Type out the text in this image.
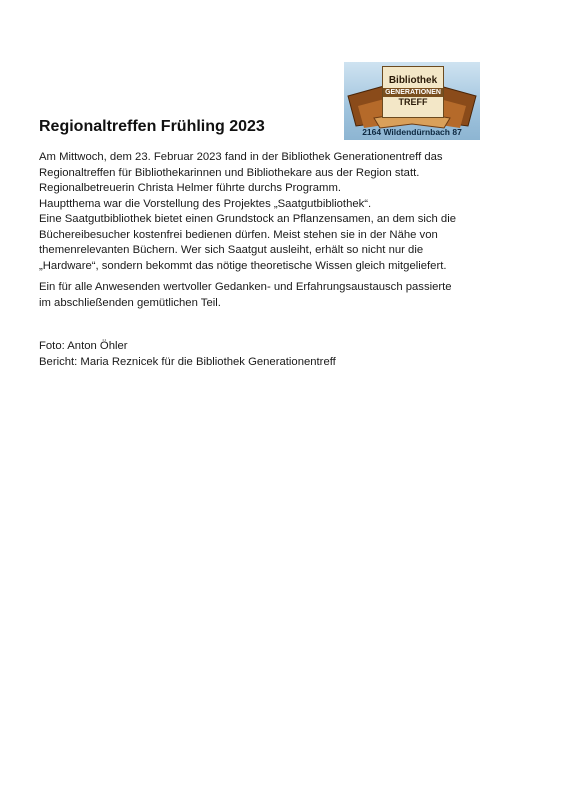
Bibliothek
GENERATIONEN
TREFF
2164 Wildendürnbach 87
Regionaltreffen Frühling 2023

Am Mittwoch, dem 23. Februar 2023 fand in der Bibliothek Generationentreff das

Regionaltreffen für Bibliothekarinnen und Bibliothekare aus der Region statt.

Regionalbetreuerin Christa Helmer führte durchs Programm.

Hauptthema war die Vorstellung des Projektes „Saatgutbibliothek“.

Eine Saatgutbibliothek bietet einen Grundstock an Pflanzensamen, an dem sich die

Büchereibesucher kostenfrei bedienen dürfen. Meist stehen sie in der Nähe von

themenrelevanten Büchern. Wer sich Saatgut ausleiht, erhält so nicht nur die

„Hardware“, sondern bekommt das nötige theoretische Wissen gleich mitgeliefert.

Ein für alle Anwesenden wertvoller Gedanken- und Erfahrungsaustausch passierte

im abschließenden gemütlichen Teil.

Foto: Anton Öhler

Bericht: Maria Reznicek für die Bibliothek Generationentreff
